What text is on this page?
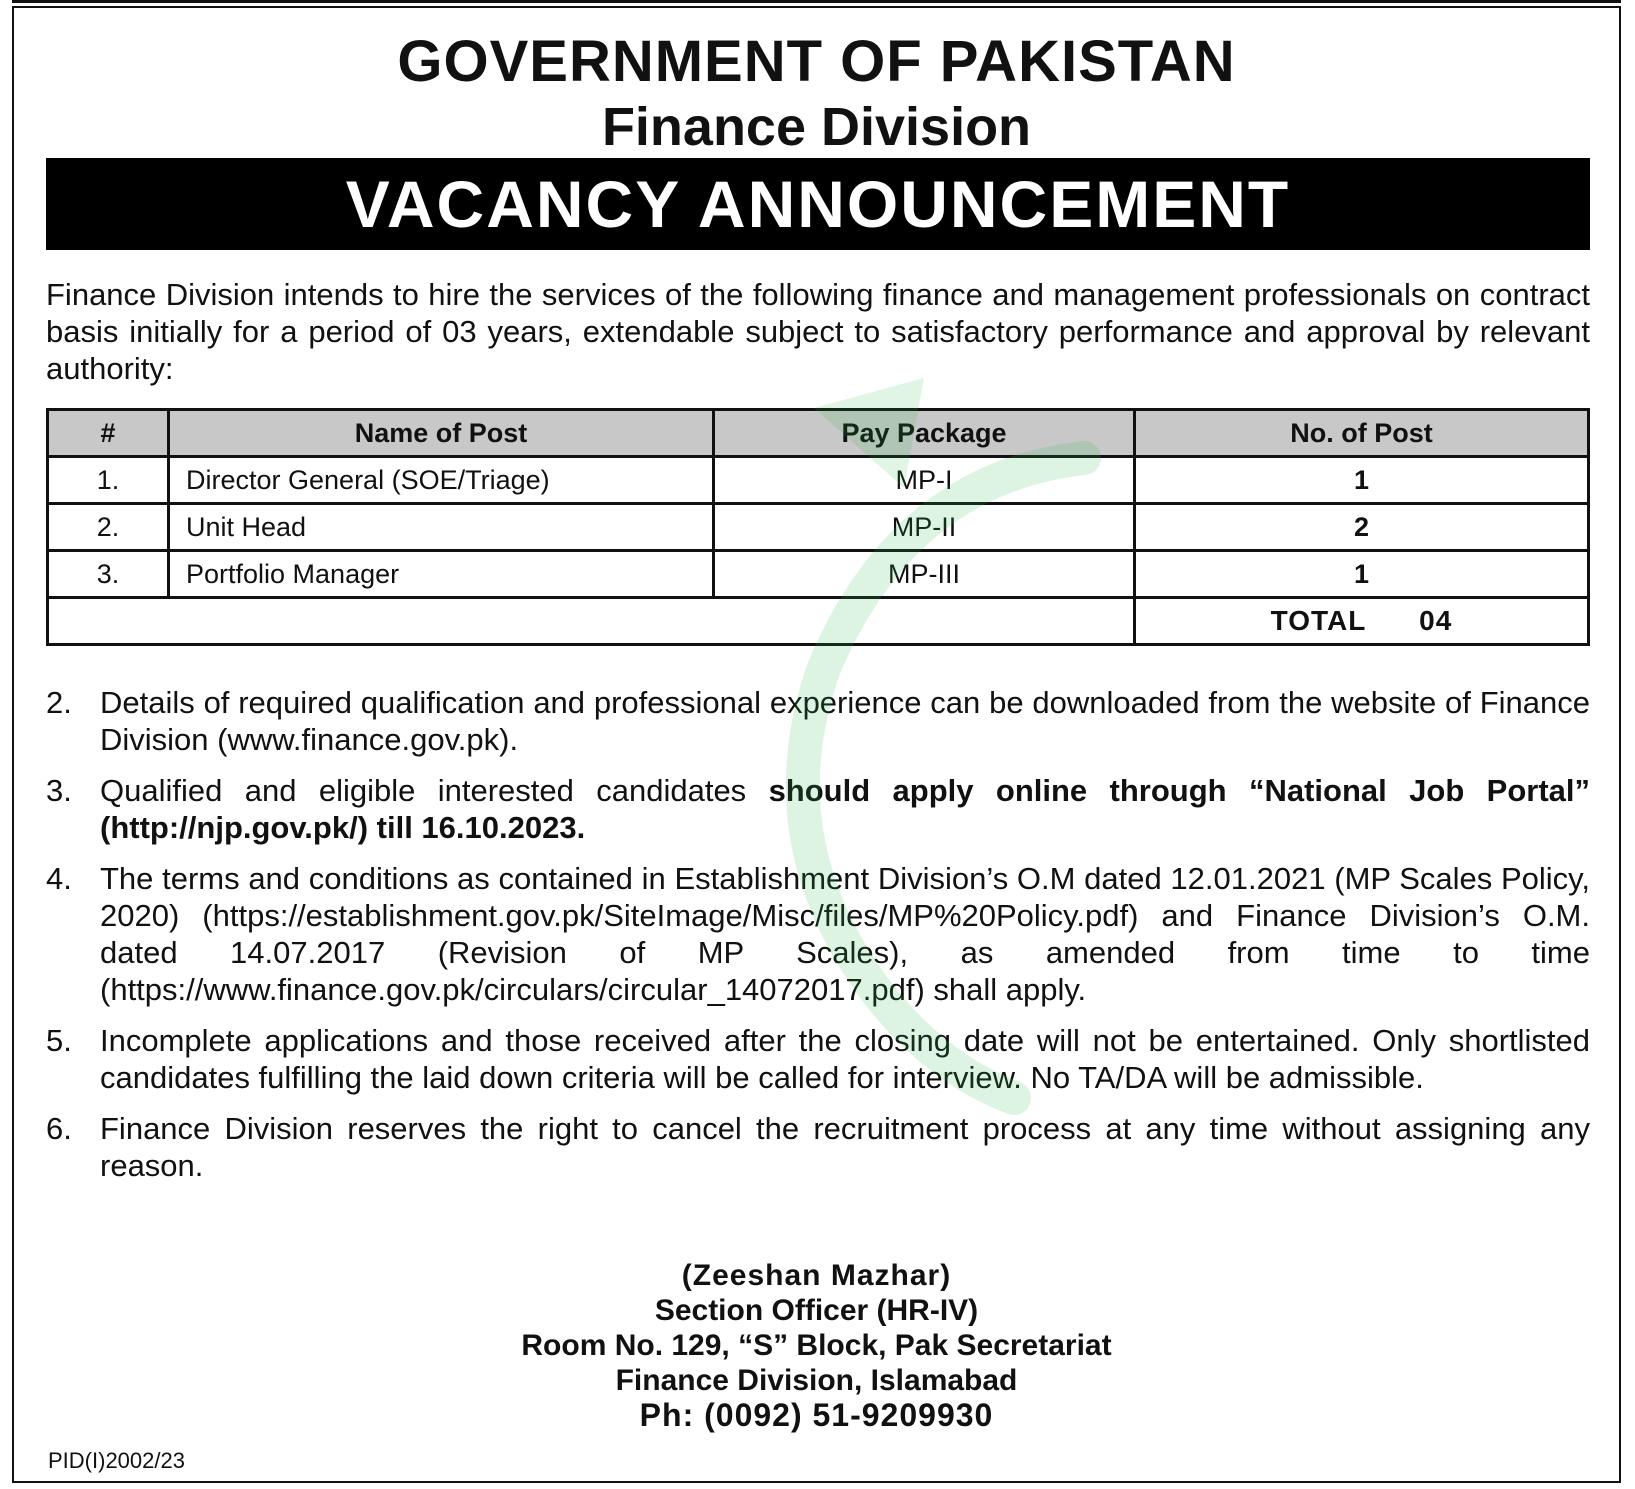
GOVERNMENT OF PAKISTAN
Finance Division
VACANCY ANNOUNCEMENT
Finance Division intends to hire the services of the following finance and management professionals on contract basis initially for a period of 03 years, extendable subject to satisfactory performance and approval by relevant authority:
#	Name of Post	Pay Package	No. of Post
1.	Director General (SOE/Triage)	MP-I	1
2.	Unit Head	MP-II	2
3.	Portfolio Manager	MP-III	1
			TOTAL 04
2. Details of required qualification and professional experience can be downloaded from the website of Finance Division (www.finance.gov.pk).
3. Qualified and eligible interested candidates should apply online through “National Job Portal” (http://njp.gov.pk/) till 16.10.2023.
4. The terms and conditions as contained in Establishment Division’s O.M dated 12.01.2021 (MP Scales Policy, 2020) (https://establishment.gov.pk/SiteImage/Misc/files/MP%20Policy.pdf) and Finance Division’s O.M. dated 14.07.2017 (Revision of MP Scales), as amended from time to time (https://www.finance.gov.pk/circulars/circular_14072017.pdf) shall apply.
5. Incomplete applications and those received after the closing date will not be entertained. Only shortlisted candidates fulfilling the laid down criteria will be called for interview. No TA/DA will be admissible.
6. Finance Division reserves the right to cancel the recruitment process at any time without assigning any reason.
(Zeeshan Mazhar)
Section Officer (HR-IV)
Room No. 129, “S” Block, Pak Secretariat
Finance Division, Islamabad
Ph: (0092) 51-9209930
PID(I)2002/23
